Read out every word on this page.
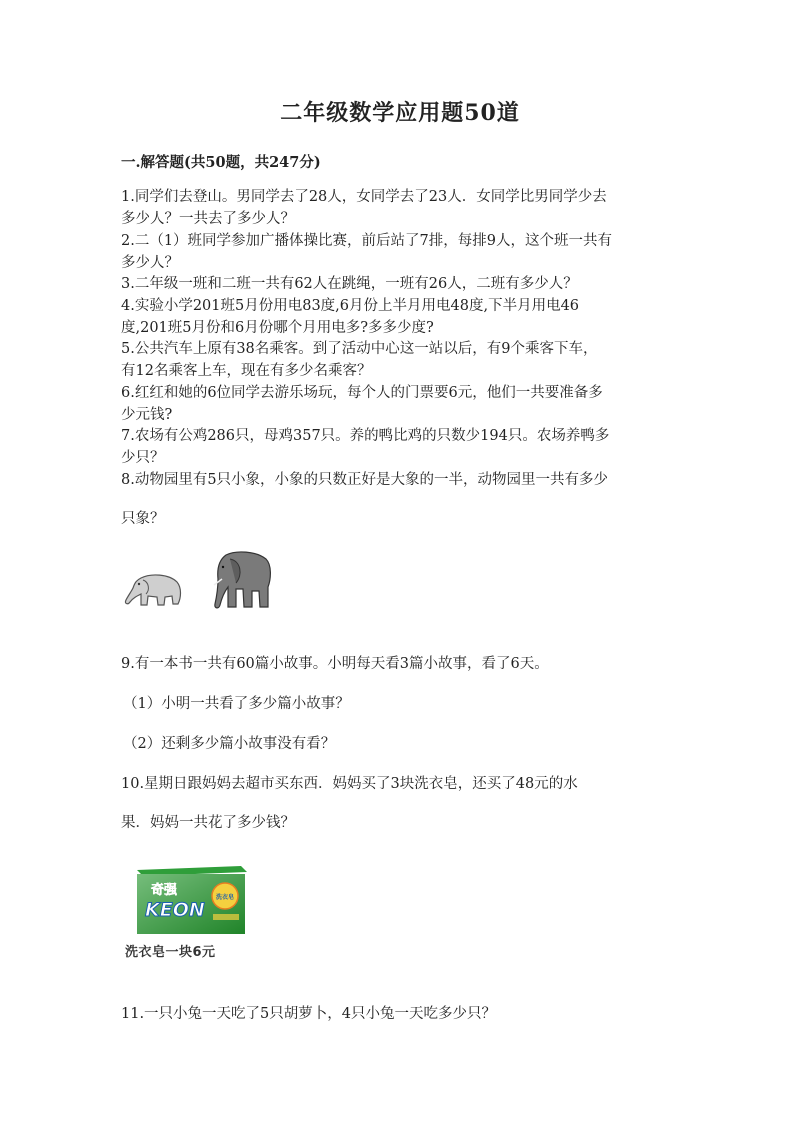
二年级数学应用题50道
一.解答题(共50题，共247分)
1.同学们去登山。男同学去了28人，女同学去了23人．女同学比男同学少去
多少人？一共去了多少人？
2.二（1）班同学参加广播体操比赛，前后站了7排，每排9人，这个班一共有
多少人？
3.二年级一班和二班一共有62人在跳绳，一班有26人，二班有多少人？
4.实验小学201班5月份用电83度,6月份上半月用电48度,下半月用电46
度,201班5月份和6月份哪个月用电多?多多少度?
5.公共汽车上原有38名乘客。到了活动中心这一站以后，有9个乘客下车，
有12名乘客上车，现在有多少名乘客？
6.红红和她的6位同学去游乐场玩，每个人的门票要6元，他们一共要准备多
少元钱?
7.农场有公鸡286只，母鸡357只。养的鸭比鸡的只数少194只。农场养鸭多
少只？
8.动物园里有5只小象，小象的只数正好是大象的一半，动物园里一共有多少
只象？
9.有一本书一共有60篇小故事。小明每天看3篇小故事，看了6天。
（1）小明一共看了多少篇小故事？
（2）还剩多少篇小故事没有看？
10.星期日跟妈妈去超市买东西．妈妈买了3块洗衣皂，还买了48元的水
果．妈妈一共花了多少钱？
奇强
KEON
洗衣皂
洗衣皂一块6元
11.一只小兔一天吃了5只胡萝卜，4只小兔一天吃多少只？
